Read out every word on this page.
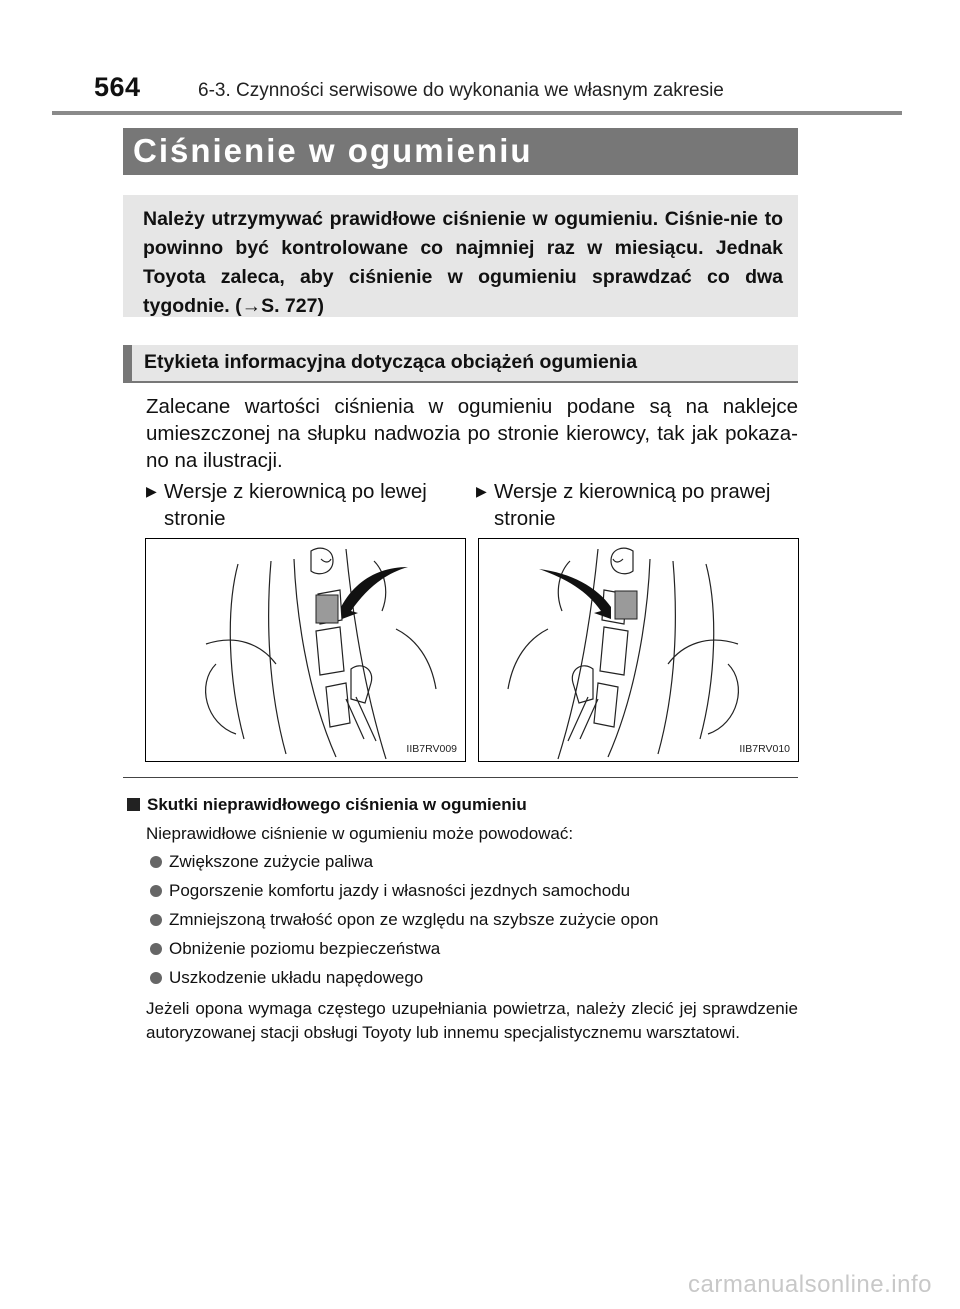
564	6-3. Czynności serwisowe do wykonania we własnym zakresie
Ciśnienie w ogumieniu

Należy utrzymywać prawidłowe ciśnienie w ogumieniu. Ciśnie-nie to powinno być kontrolowane co najmniej raz w miesiącu. Jednak Toyota zaleca, aby ciśnienie w ogumieniu sprawdzać co dwa tygodnie. (→S. 727)

Etykieta informacyjna dotycząca obciążeń ogumienia

Zalecane wartości ciśnienia w ogumieniu podane są na naklejce umieszczonej na słupku nadwozia po stronie kierowcy, tak jak pokaza-no na ilustracji.

▶ Wersje z kierownicą po lewej stronie
▶ Wersje z kierownicą po prawej stronie
IIB7RV009	IIB7RV010
Skutki nieprawidłowego ciśnienia w ogumieniu
Nieprawidłowe ciśnienie w ogumieniu może powodować:
Zwiększone zużycie paliwa
Pogorszenie komfortu jazdy i własności jezdnych samochodu
Zmniejszoną trwałość opon ze względu na szybsze zużycie opon
Obniżenie poziomu bezpieczeństwa
Uszkodzenie układu napędowego

Jeżeli opona wymaga częstego uzupełniania powietrza, należy zlecić jej sprawdzenie autoryzowanej stacji obsługi Toyoty lub innemu specjalistycznemu warsztatowi.

carmanualsonline.info
